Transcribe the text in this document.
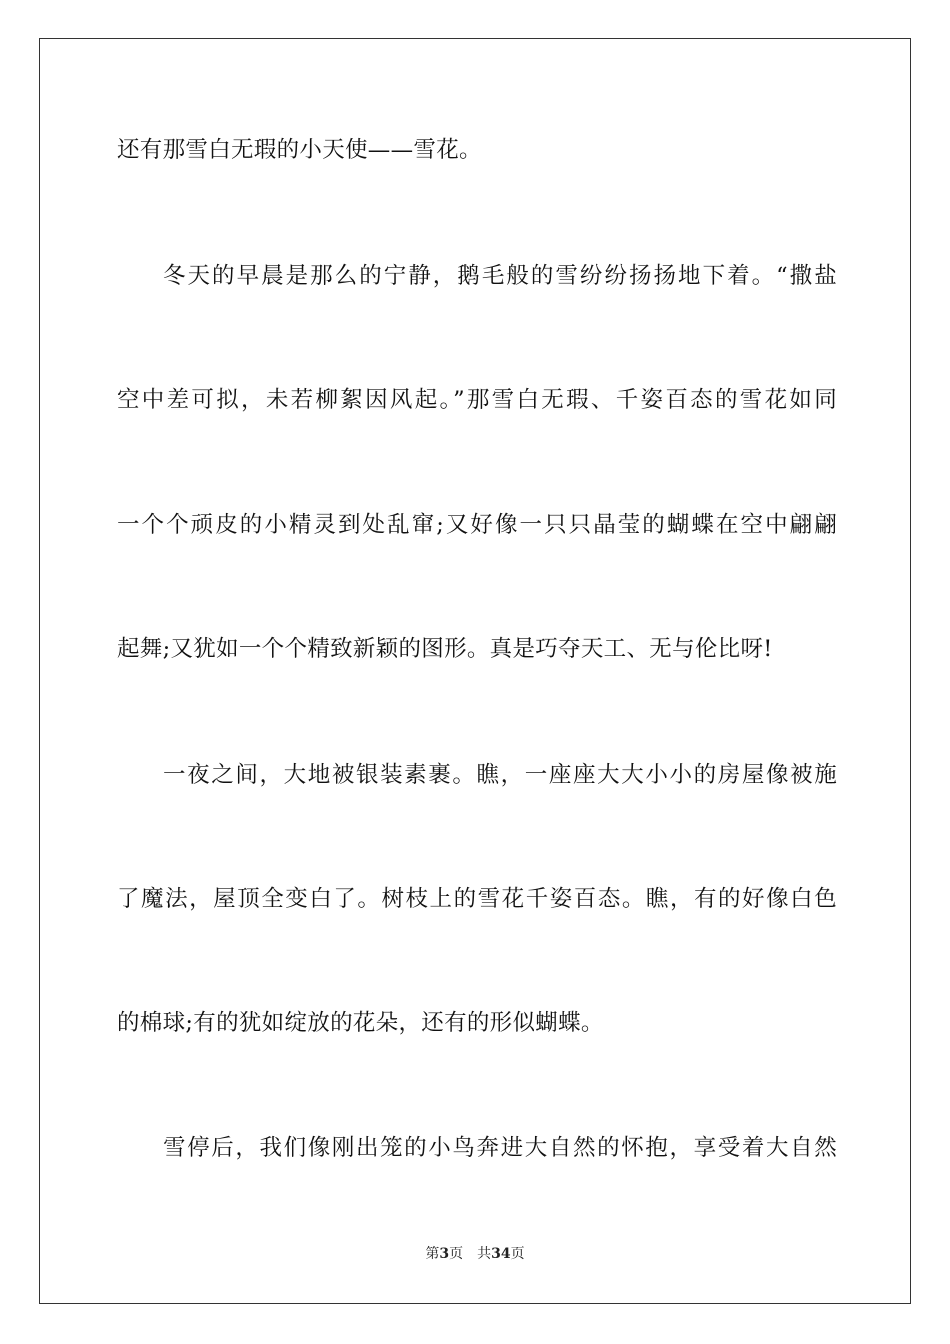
还有那雪白无瑕的小天使——雪花。
冬天的早晨是那么的宁静，鹅毛般的雪纷纷扬扬地下着。“撒盐
空中差可拟，未若柳絮因风起。”那雪白无瑕、千姿百态的雪花如同
一个个顽皮的小精灵到处乱窜;又好像一只只晶莹的蝴蝶在空中翩翩
起舞;又犹如一个个精致新颖的图形。真是巧夺天工、无与伦比呀!
一夜之间，大地被银装素裹。瞧，一座座大大小小的房屋像被施
了魔法，屋顶全变白了。树枝上的雪花千姿百态。瞧，有的好像白色
的棉球;有的犹如绽放的花朵，还有的形似蝴蝶。
雪停后，我们像刚出笼的小鸟奔进大自然的怀抱，享受着大自然
第3页 共34页
